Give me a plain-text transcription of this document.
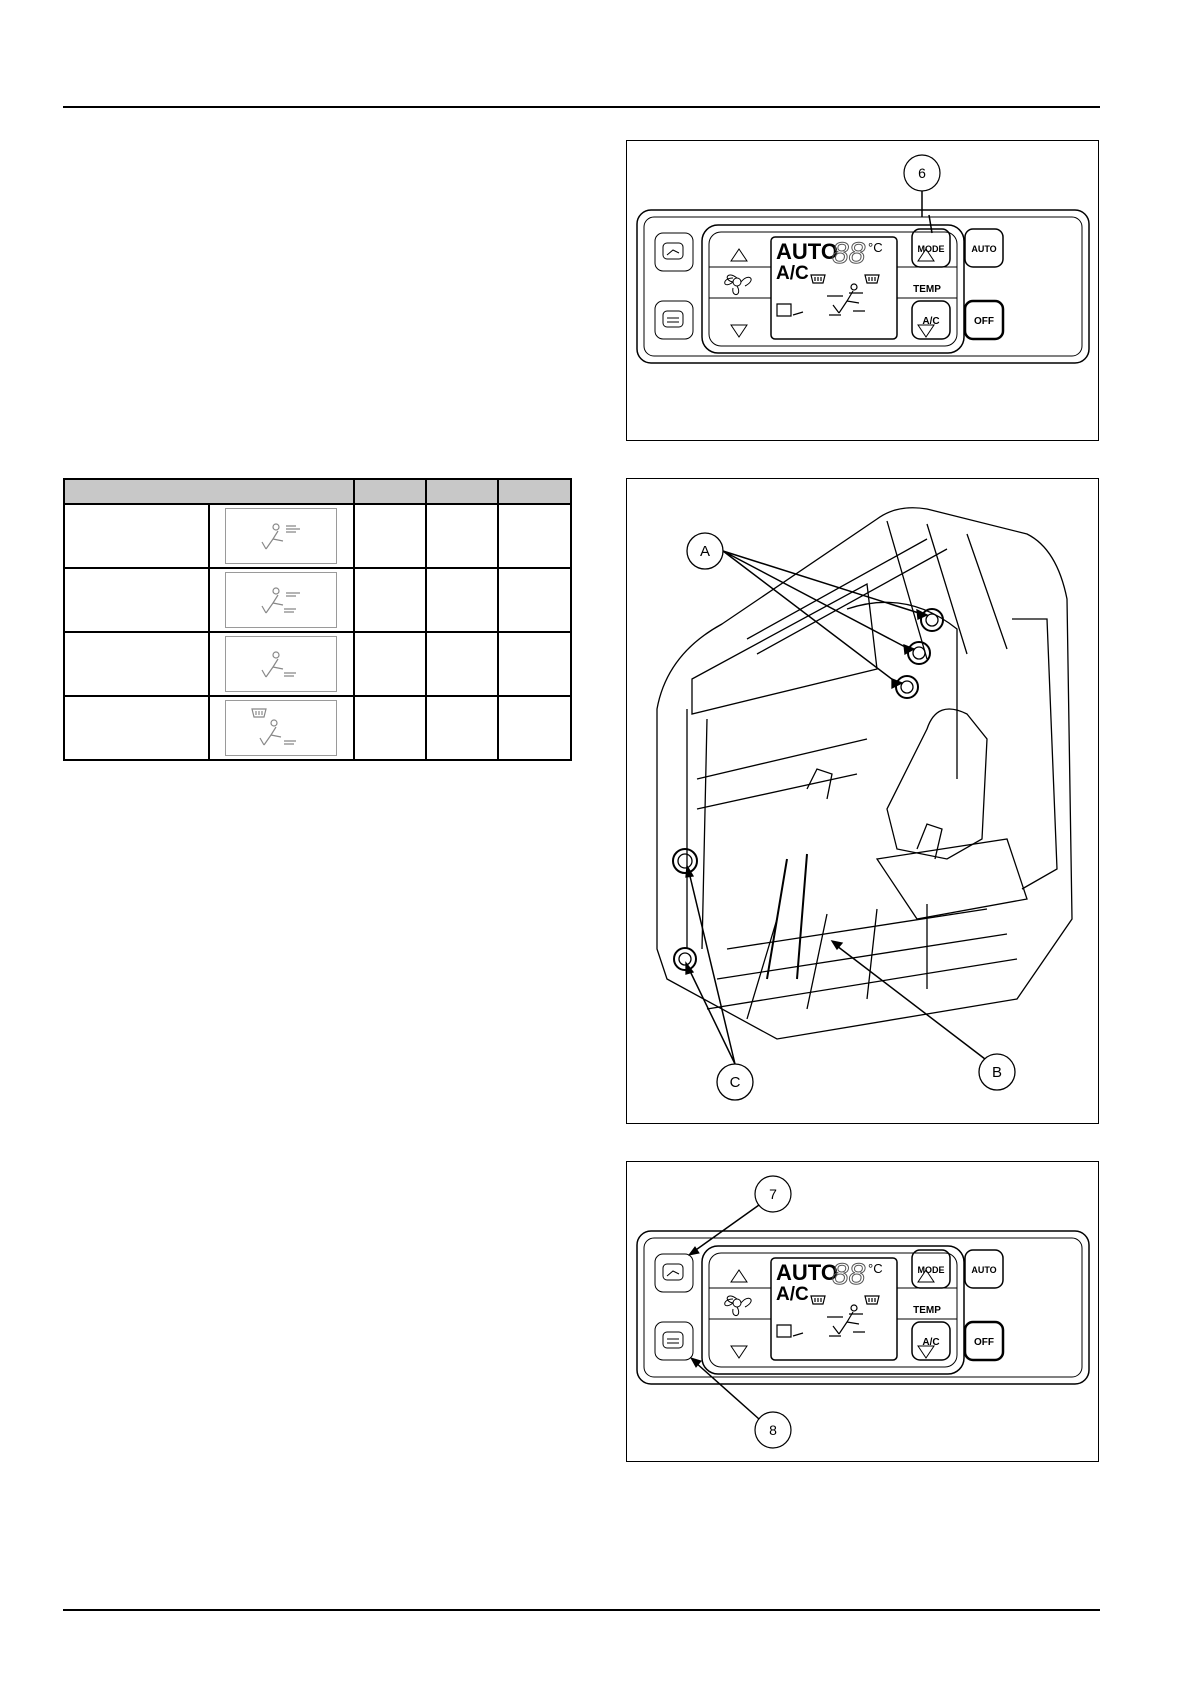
AUTO
A/C
MODE	AUTO
A/C	OFF
TEMP
88 °C
6
A
B
C
AUTO
A/C
MODE	AUTO
A/C	OFF
TEMP
88 °C
7
8
